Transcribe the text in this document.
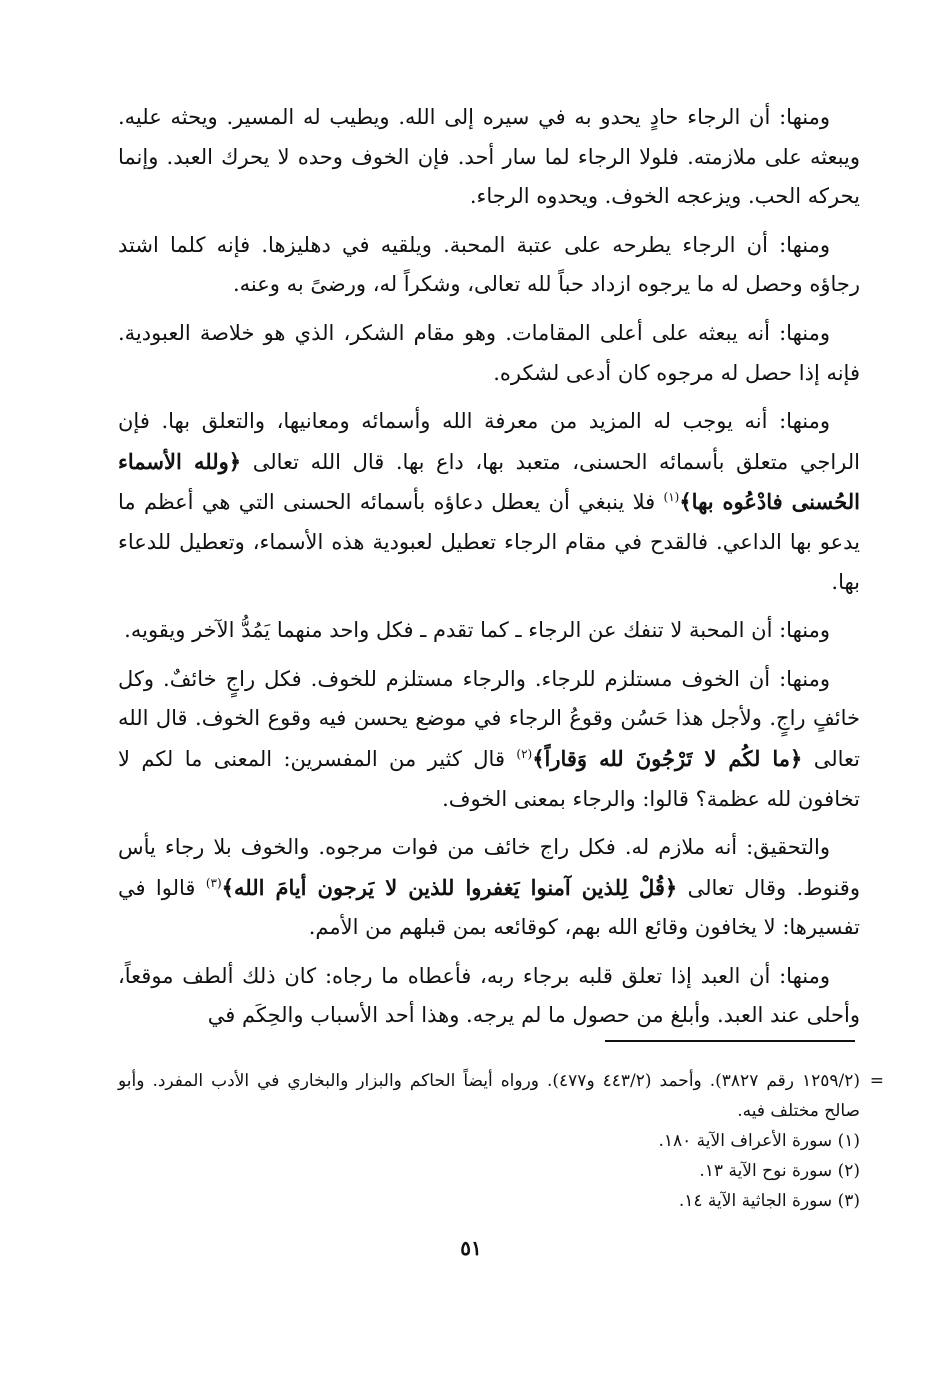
ومنها: أن الرجاء حادٍ يحدو به في سيره إلى الله. ويطيب له المسير. ويحثه عليه. ويبعثه على ملازمته. فلولا الرجاء لما سار أحد. فإن الخوف وحده لا يحرك العبد. وإنما يحركه الحب. ويزعجه الخوف. ويحدوه الرجاء.

ومنها: أن الرجاء يطرحه على عتبة المحبة. ويلقيه في دهليزها. فإنه كلما اشتد رجاؤه وحصل له ما يرجوه ازداد حباً لله تعالى، وشكراً له، ورضىً به وعنه.

ومنها: أنه يبعثه على أعلى المقامات. وهو مقام الشكر، الذي هو خلاصة العبودية. فإنه إذا حصل له مرجوه كان أدعى لشكره.

ومنها: أنه يوجب له المزيد من معرفة الله وأسمائه ومعانيها، والتعلق بها. فإن الراجي متعلق بأسمائه الحسنى، متعبد بها، داع بها. قال الله تعالى ﴿ولله الأسماء الحُسنى فادْعُوه بها﴾$^{(١)}$ فلا ينبغي أن يعطل دعاؤه بأسمائه الحسنى التي هي أعظم ما يدعو بها الداعي. فالقدح في مقام الرجاء تعطيل لعبودية هذه الأسماء، وتعطيل للدعاء بها.

ومنها: أن المحبة لا تنفك عن الرجاء ـ كما تقدم ـ فكل واحد منهما يَمُدُّ الآخر ويقويه.

ومنها: أن الخوف مستلزم للرجاء. والرجاء مستلزم للخوف. فكل راجٍ خائفٌ. وكل خائفٍ راجٍ. ولأجل هذا حَسُن وقوعُ الرجاء في موضع يحسن فيه وقوع الخوف. قال الله تعالى ﴿ما لكُم لا تَرْجُونَ لله وَقاراً﴾$^{(٢)}$ قال كثير من المفسرين: المعنى ما لكم لا تخافون لله عظمة؟ قالوا: والرجاء بمعنى الخوف.

والتحقيق: أنه ملازم له. فكل راج خائف من فوات مرجوه. والخوف بلا رجاء يأس وقنوط. وقال تعالى ﴿قُلْ لِلذين آمنوا يَغفروا للذين لا يَرجون أيامَ الله﴾$^{(٣)}$ قالوا في تفسيرها: لا يخافون وقائع الله بهم، كوقائعه بمن قبلهم من الأمم.

ومنها: أن العبد إذا تعلق قلبه برجاء ربه، فأعطاه ما رجاه: كان ذلك ألطف موقعاً، وأحلى عند العبد. وأبلغ من حصول ما لم يرجه. وهذا أحد الأسباب والحِكَم في

=
(١٢٥٩/٢ رقم ٣٨٢٧). وأحمد (٤٤٣/٢ و٤٧٧). ورواه أيضاً الحاكم والبزار والبخاري في الأدب المفرد. وأبو صالح مختلف فيه.
(١) سورة الأعراف الآية ١٨٠.
(٢) سورة نوح الآية ١٣.
(٣) سورة الجاثية الآية ١٤.
٥١
